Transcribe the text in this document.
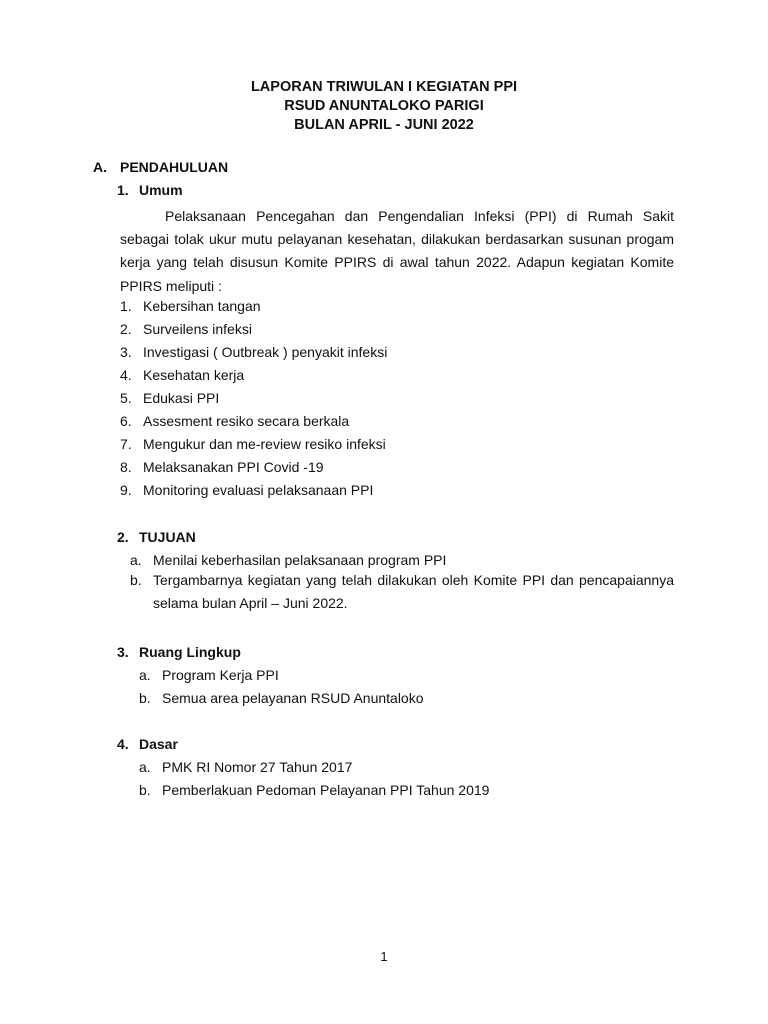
LAPORAN TRIWULAN I KEGIATAN PPI
RSUD ANUNTALOKO PARIGI
BULAN APRIL - JUNI 2022
A. PENDAHULUAN
1. Umum
Pelaksanaan Pencegahan dan Pengendalian Infeksi (PPI) di Rumah Sakit sebagai tolak ukur mutu pelayanan kesehatan, dilakukan berdasarkan susunan progam kerja yang telah disusun Komite PPIRS di awal tahun 2022. Adapun kegiatan Komite PPIRS meliputi :
1. Kebersihan tangan
2. Surveilens infeksi
3. Investigasi ( Outbreak ) penyakit infeksi
4. Kesehatan kerja
5. Edukasi PPI
6. Assesment resiko secara berkala
7. Mengukur dan me-review resiko infeksi
8. Melaksanakan PPI Covid -19
9. Monitoring evaluasi pelaksanaan PPI
2. TUJUAN
a. Menilai keberhasilan pelaksanaan program PPI
b. Tergambarnya kegiatan yang telah dilakukan oleh Komite PPI dan pencapaiannya selama bulan April – Juni 2022.
3. Ruang Lingkup
a. Program Kerja PPI
b. Semua area pelayanan RSUD Anuntaloko
4. Dasar
a. PMK RI Nomor 27 Tahun 2017
b. Pemberlakuan Pedoman Pelayanan PPI Tahun 2019
1
